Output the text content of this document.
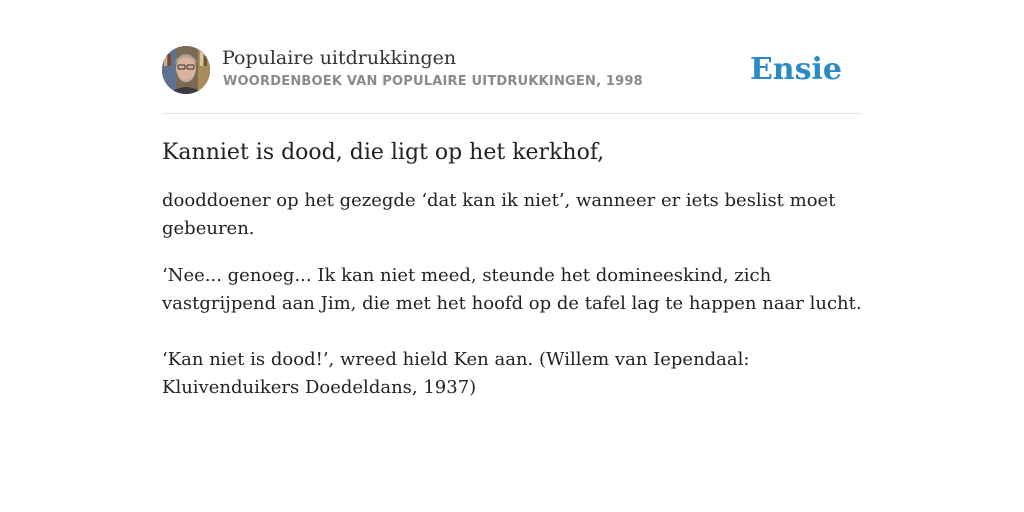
Populaire uitdrukkingen
WOORDENBOEK VAN POPULAIRE UITDRUKKINGEN, 1998	Ensie
Kanniet is dood, die ligt op het kerkhof,
dooddoener op het gezegde ‘dat kan ik niet’, wanneer er iets beslist moet gebeuren.
‘Nee... genoeg... Ik kan niet meed, steunde het domineeskind, zich vastgrijpend aan Jim, die met het hoofd op de tafel lag te happen naar lucht.
‘Kan niet is dood!’, wreed hield Ken aan. (Willem van Iependaal: Kluivenduikers Doedeldans, 1937)
